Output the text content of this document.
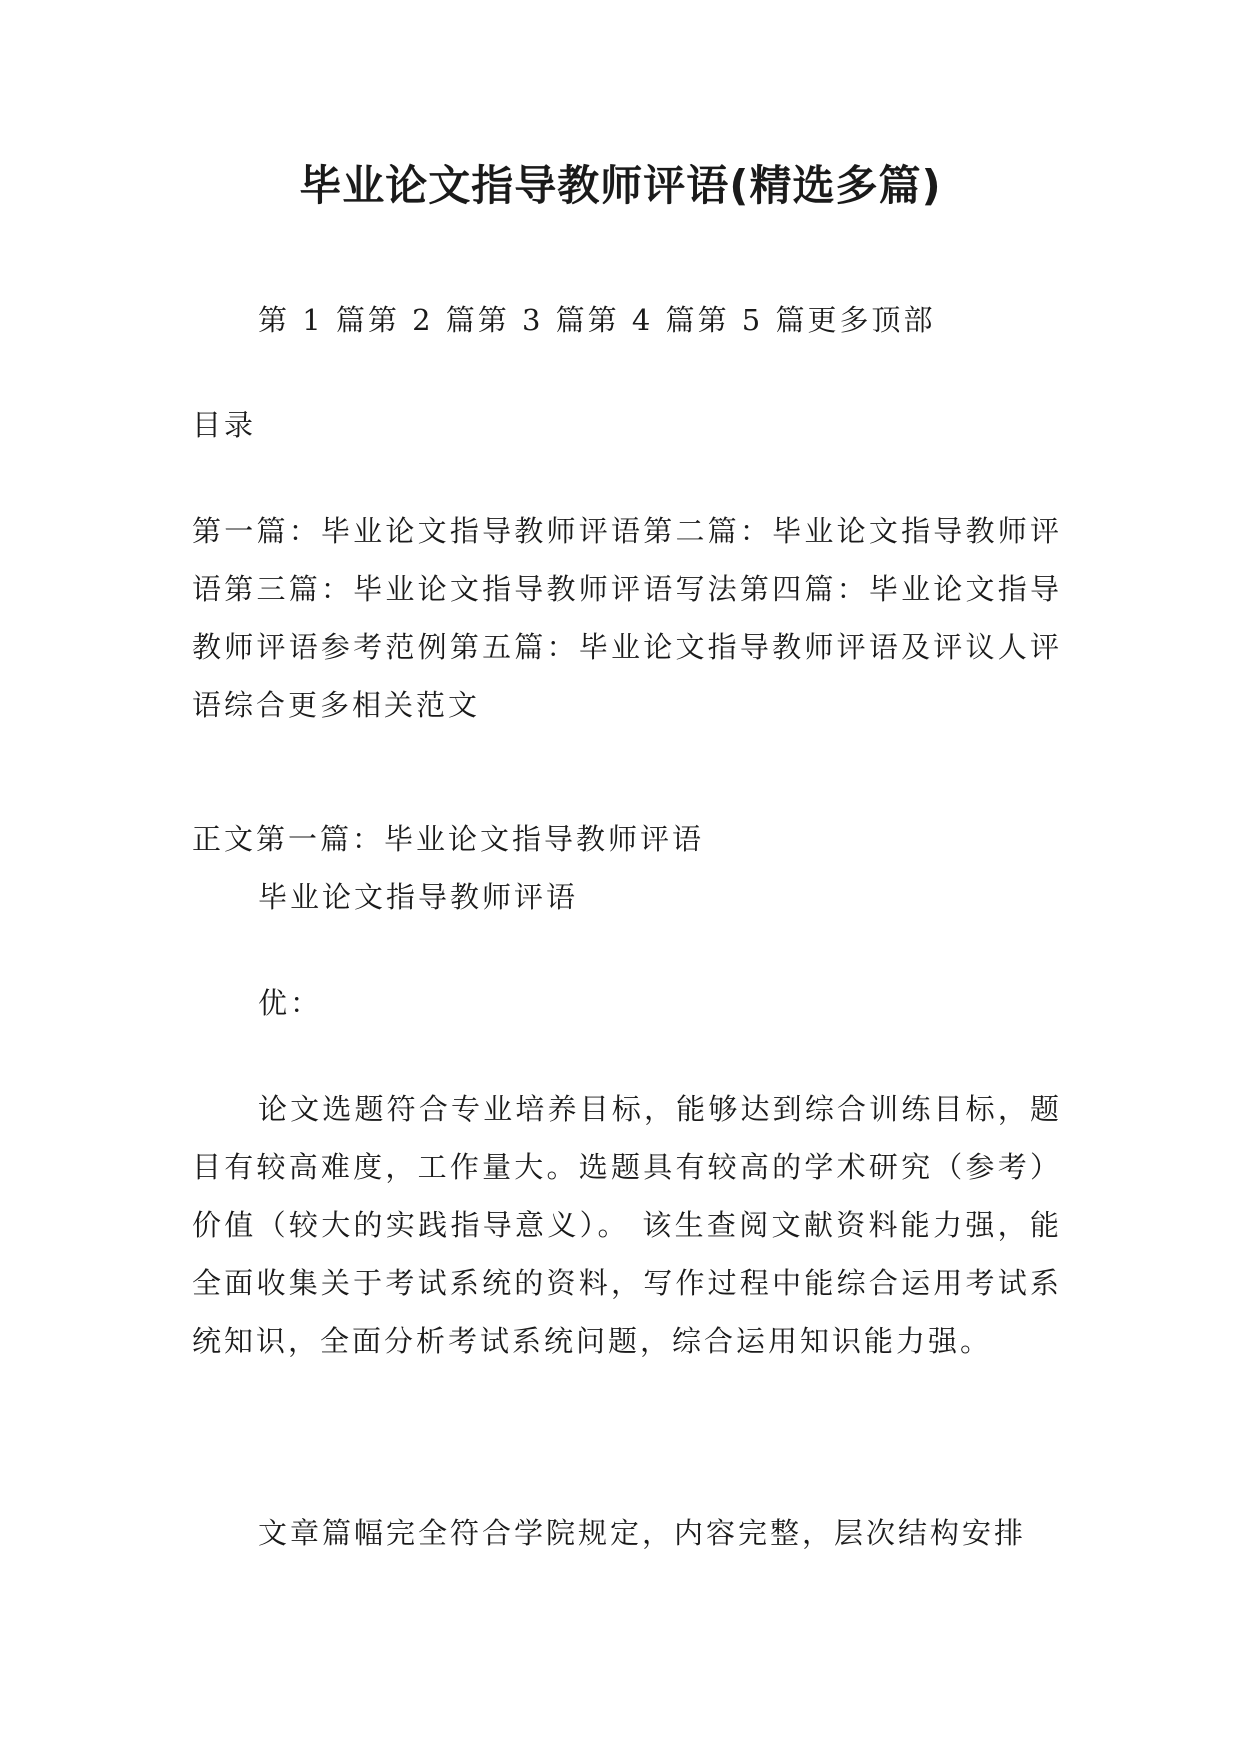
毕业论文指导教师评语(精选多篇)
第 1 篇第 2 篇第 3 篇第 4 篇第 5 篇更多顶部

目录

第一篇：毕业论文指导教师评语第二篇：毕业论文指导教师评语第三篇：毕业论文指导教师评语写法第四篇：毕业论文指导教师评语参考范例第五篇：毕业论文指导教师评语及评议人评语综合更多相关范文

正文第一篇：毕业论文指导教师评语

毕业论文指导教师评语

优：

论文选题符合专业培养目标，能够达到综合训练目标，题目有较高难度，工作量大。选题具有较高的学术研究（参考）价值（较大的实践指导意义）。 该生查阅文献资料能力强，能全面收集关于考试系统的资料，写作过程中能综合运用考试系统知识，全面分析考试系统问题，综合运用知识能力强。

文章篇幅完全符合学院规定，内容完整，层次结构安排
